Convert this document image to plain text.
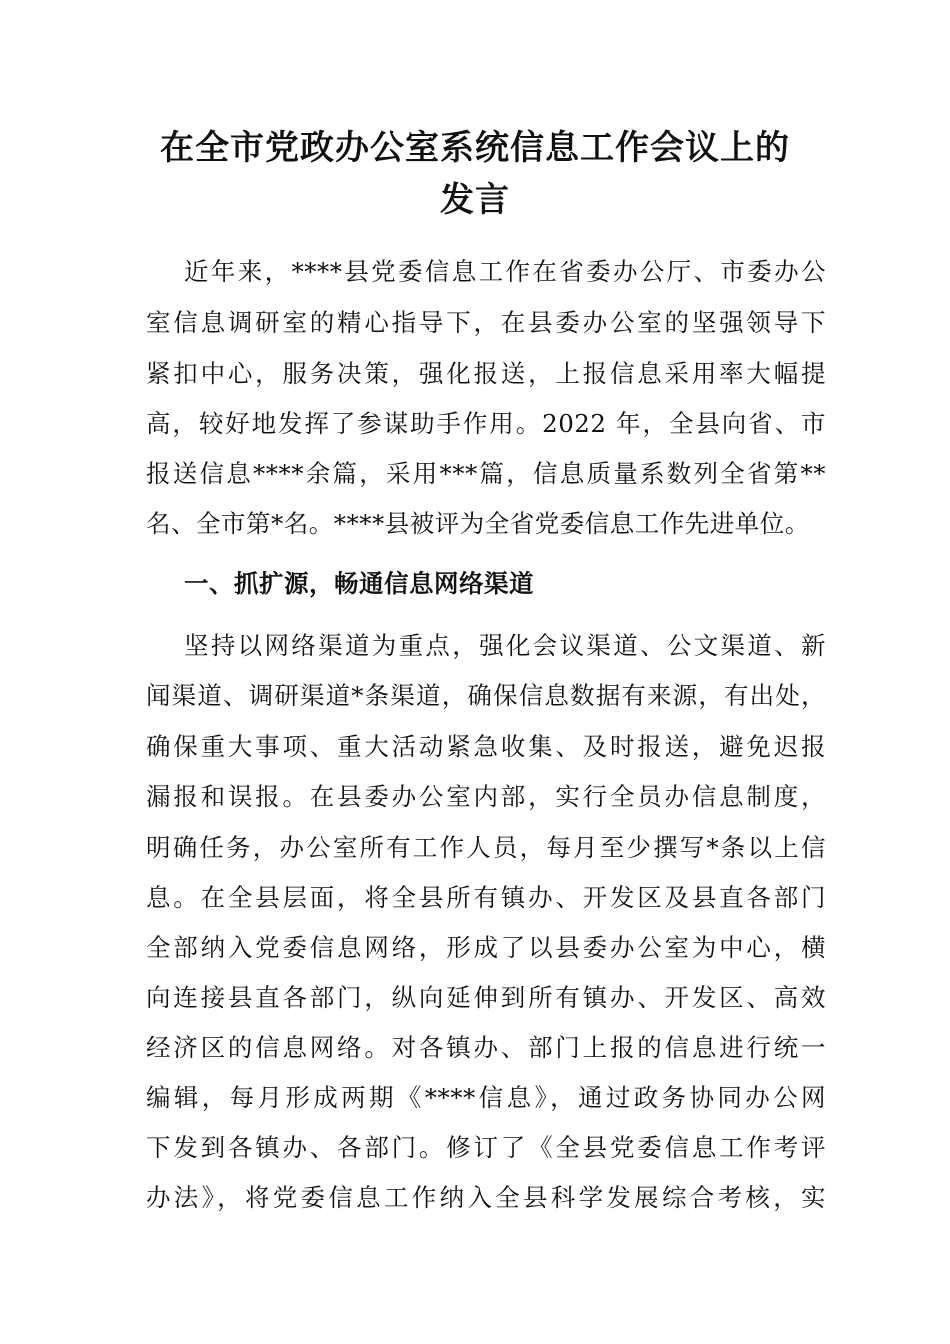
在全市党政办公室系统信息工作会议上的
发言
近年来，****县党委信息工作在省委办公厅、市委办公
室信息调研室的精心指导下，在县委办公室的坚强领导下
紧扣中心，服务决策，强化报送，上报信息采用率大幅提
高，较好地发挥了参谋助手作用。2022 年，全县向省、市
报送信息****余篇，采用***篇，信息质量系数列全省第**
名、全市第*名。****县被评为全省党委信息工作先进单位。
一、抓扩源，畅通信息网络渠道
坚持以网络渠道为重点，强化会议渠道、公文渠道、新
闻渠道、调研渠道*条渠道，确保信息数据有来源，有出处，
确保重大事项、重大活动紧急收集、及时报送，避免迟报
漏报和误报。在县委办公室内部，实行全员办信息制度，
明确任务，办公室所有工作人员，每月至少撰写*条以上信
息。在全县层面，将全县所有镇办、开发区及县直各部门
全部纳入党委信息网络，形成了以县委办公室为中心，横
向连接县直各部门，纵向延伸到所有镇办、开发区、高效
经济区的信息网络。对各镇办、部门上报的信息进行统一
编辑，每月形成两期《****信息》，通过政务协同办公网
下发到各镇办、各部门。修订了《全县党委信息工作考评
办法》，将党委信息工作纳入全县科学发展综合考核，实
